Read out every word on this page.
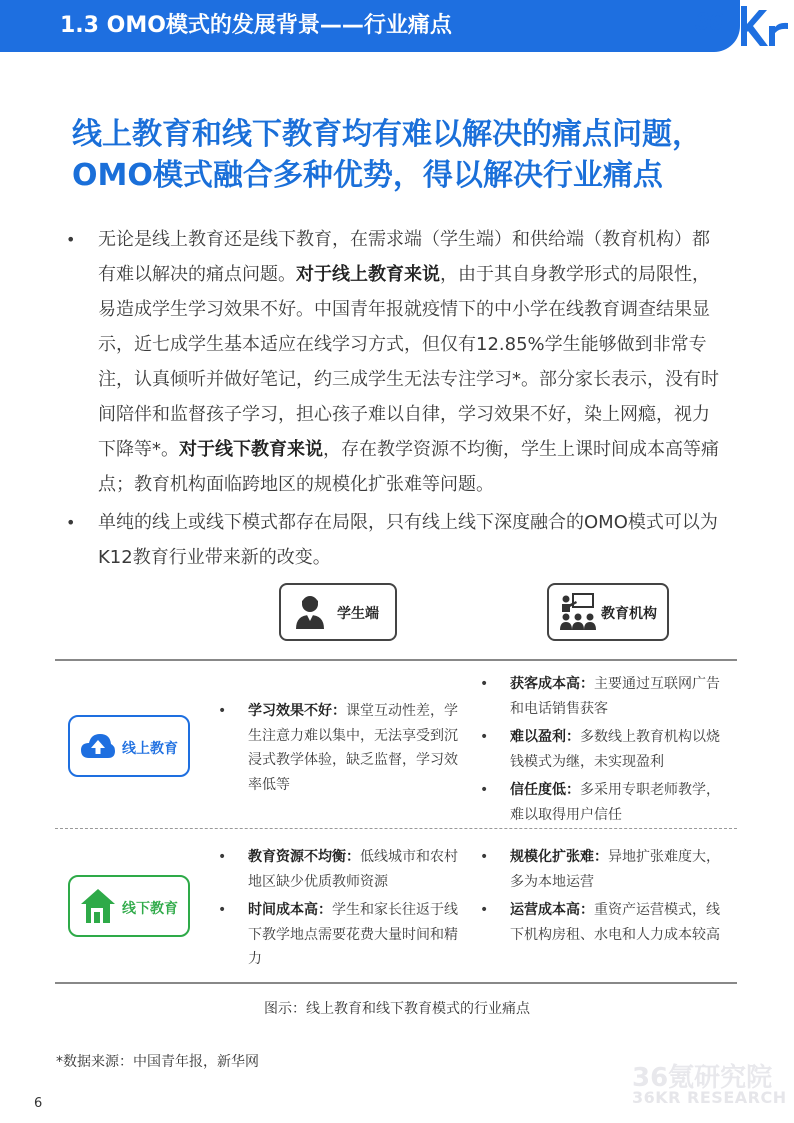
1.3 OMO模式的发展背景——行业痛点	36
线上教育和线下教育均有难以解决的痛点问题，
OMO模式融合多种优势，得以解决行业痛点
• 无论是线上教育还是线下教育，在需求端（学生端）和供给端（教育机构）都有难以解决的痛点问题。对于线上教育来说，由于其自身教学形式的局限性，易造成学生学习效果不好。中国青年报就疫情下的中小学在线教育调查结果显示，近七成学生基本适应在线学习方式，但仅有12.85%学生能够做到非常专注，认真倾听并做好笔记，约三成学生无法专注学习*。部分家长表示，没有时间陪伴和监督孩子学习，担心孩子难以自律，学习效果不好，染上网瘾，视力下降等*。对于线下教育来说，存在教学资源不均衡，学生上课时间成本高等痛点；教育机构面临跨地区的规模化扩张难等问题。
• 单纯的线上或线下模式都存在局限，只有线上线下深度融合的OMO模式可以为K12教育行业带来新的改变。
学生端	教育机构
线上教育
• 学习效果不好：课堂互动性差，学生注意力难以集中，无法享受到沉浸式教学体验，缺乏监督，学习效率低等
• 获客成本高：主要通过互联网广告和电话销售获客
• 难以盈利：多数线上教育机构以烧钱模式为继，未实现盈利
• 信任度低：多采用专职老师教学，难以取得用户信任
线下教育
• 教育资源不均衡：低线城市和农村地区缺少优质教师资源
• 时间成本高：学生和家长往返于线下教学地点需要花费大量时间和精力
• 规模化扩张难：异地扩张难度大，多为本地运营
• 运营成本高：重资产运营模式，线下机构房租、水电和人力成本较高
图示：线上教育和线下教育模式的行业痛点
*数据来源：中国青年报，新华网
36氪研究院
36KR RESEARCH
6
